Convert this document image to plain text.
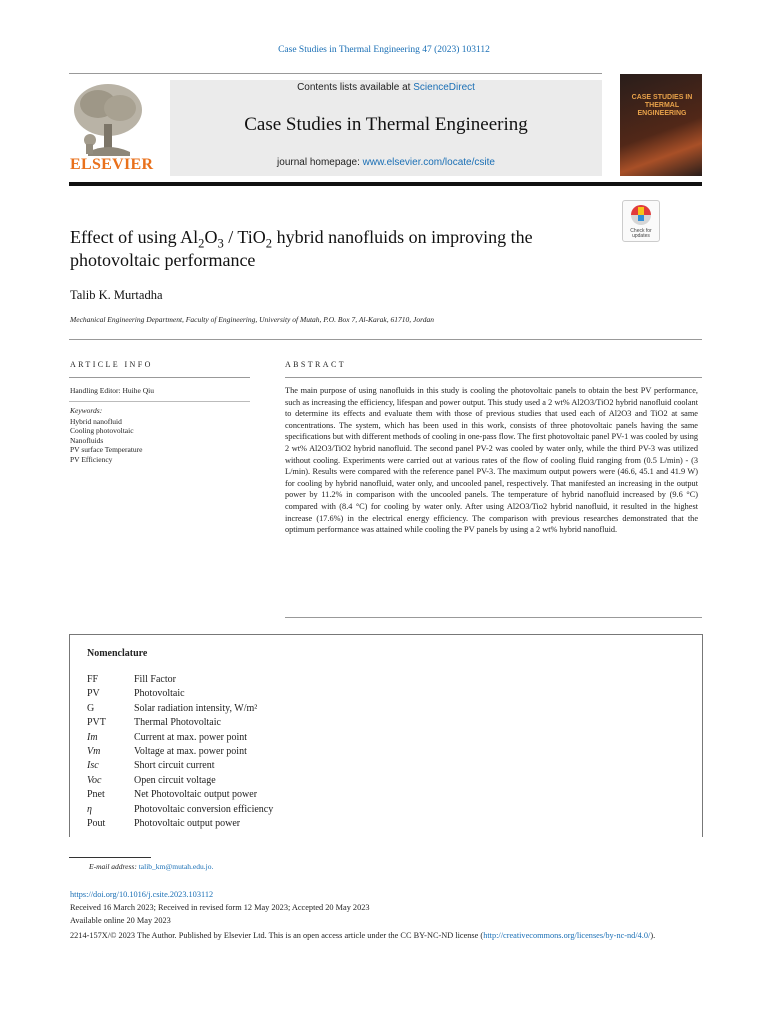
Case Studies in Thermal Engineering 47 (2023) 103112
ELSEVIER
Contents lists available at ScienceDirect
Case Studies in Thermal Engineering
journal homepage: www.elsevier.com/locate/csite
CASE STUDIES IN THERMAL ENGINEERING
Check for updates
Effect of using $Al_2O_3 / TiO_2$ hybrid nanofluids on improving the photovoltaic performance
Talib K. Murtadha
Mechanical Engineering Department, Faculty of Engineering, University of Mutah, P.O. Box 7, Al-Karak, 61710, Jordan
ARTICLE INFO	ABSTRACT
Handling Editor: Huihe Qiu
Keywords:
Hybrid nanofluid
Cooling photovoltaic
Nanofluids
PV surface Temperature
PV Efficiency
The main purpose of using nanofluids in this study is cooling the photovoltaic panels to obtain the best PV performance, such as increasing the efficiency, lifespan and power output. This study used a 2 wt% Al2O3/TiO2 hybrid nanofluid coolant to determine its effects and evaluate them with those of previous studies that used each of Al2O3 and TiO2 at same concentrations. The system, which has been used in this work, consists of three photovoltaic panels having the same specifications but with different methods of cooling in one-pass flow. The first photovoltaic panel PV-1 was cooled by using 2 wt% Al2O3/TiO2 hybrid nanofluid. The second panel PV-2 was cooled by water only, while the third PV-3 was utilized without cooling. Experiments were carried out at various rates of the flow of cooling fluid ranging from (0.5 L/min) - (3 L/min). Results were compared with the reference panel PV-3. The maximum output powers were (46.6, 45.1 and 41.9 W) for cooling by hybrid nanofluid, water only, and uncooled panel, respectively. That manifested an increasing in the output power by 11.2% in comparison with the uncooled panels. The temperature of hybrid nanofluid increased by (9.6 °C) compared with (8.4 °C) for cooling by water only. After using Al2O3/Tio2 hybrid nanofluid, it resulted in the highest increase (17.6%) in the electrical energy efficiency. The comparison with previous researches demonstrated that the optimum performance was attained while cooling the PV panels by using a 2 wt% hybrid nanofluid.
Nomenclature
FF	Fill Factor
PV	Photovoltaic
G	Solar radiation intensity, W/m²
PVT	Thermal Photovoltaic
Im	Current at max. power point
Vm	Voltage at max. power point
Isc	Short circuit current
Voc	Open circuit voltage
Pnet	Net Photovoltaic output power
η	Photovoltaic conversion efficiency
Pout	Photovoltaic output power
E-mail address: talib_km@mutah.edu.jo.
https://doi.org/10.1016/j.csite.2023.103112
Received 16 March 2023; Received in revised form 12 May 2023; Accepted 20 May 2023
Available online 20 May 2023
2214-157X/© 2023 The Author. Published by Elsevier Ltd. This is an open access article under the CC BY-NC-ND license (http://creativecommons.org/licenses/by-nc-nd/4.0/).
